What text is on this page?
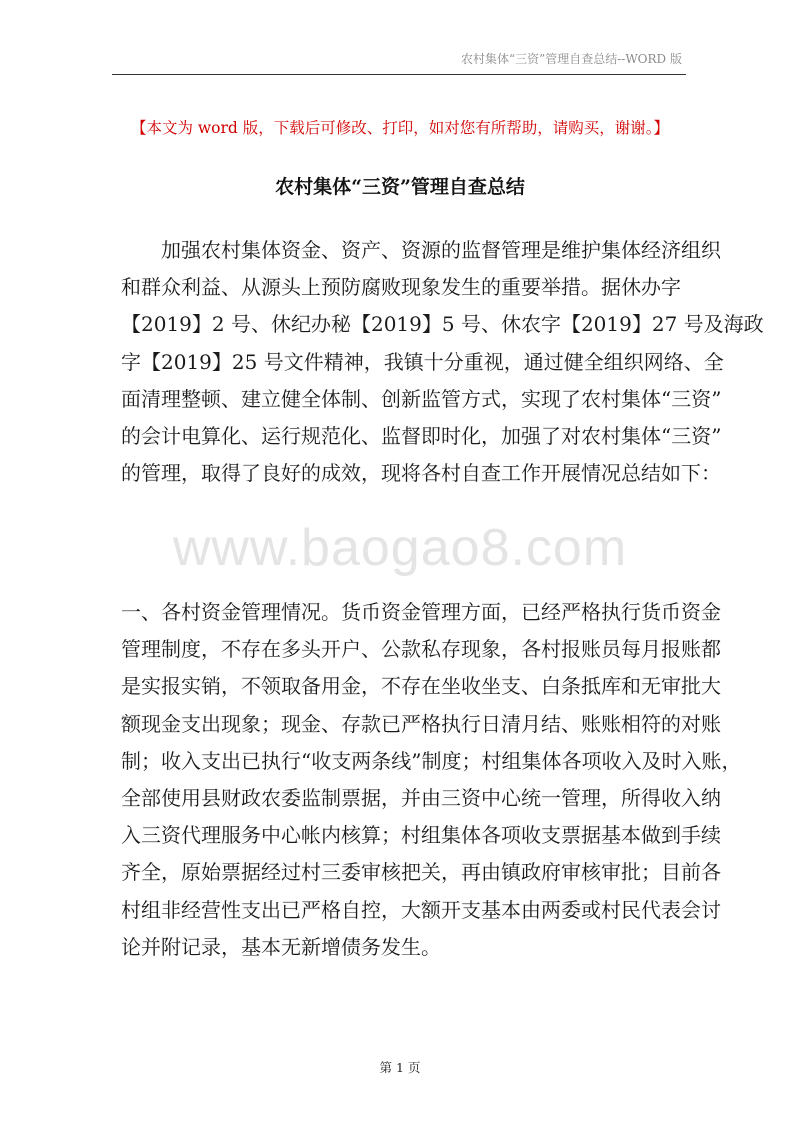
农村集体“三资”管理自查总结--WORD 版
【本文为 word 版，下载后可修改、打印，如对您有所帮助，请购买，谢谢。】
农村集体“三资”管理自查总结
　　加强农村集体资金、资产、资源的监督管理是维护集体经济组织
和群众利益、从源头上预防腐败现象发生的重要举措。据休办字
【2019】2 号、休纪办秘【2019】5 号、休农字【2019】27 号及海政
字【2019】25 号文件精神，我镇十分重视，通过健全组织网络、全
面清理整顿、建立健全体制、创新监管方式，实现了农村集体“三资”
的会计电算化、运行规范化、监督即时化，加强了对农村集体“三资”
的管理，取得了良好的成效，现将各村自查工作开展情况总结如下：
www.baogao8.com
一、各村资金管理情况。货币资金管理方面，已经严格执行货币资金
管理制度，不存在多头开户、公款私存现象，各村报账员每月报账都
是实报实销，不领取备用金，不存在坐收坐支、白条抵库和无审批大
额现金支出现象；现金、存款已严格执行日清月结、账账相符的对账
制；收入支出已执行“收支两条线”制度；村组集体各项收入及时入账，
全部使用县财政农委监制票据，并由三资中心统一管理，所得收入纳
入三资代理服务中心帐内核算；村组集体各项收支票据基本做到手续
齐全，原始票据经过村三委审核把关，再由镇政府审核审批；目前各
村组非经营性支出已严格自控，大额开支基本由两委或村民代表会讨
论并附记录，基本无新增债务发生。
第 1 页
